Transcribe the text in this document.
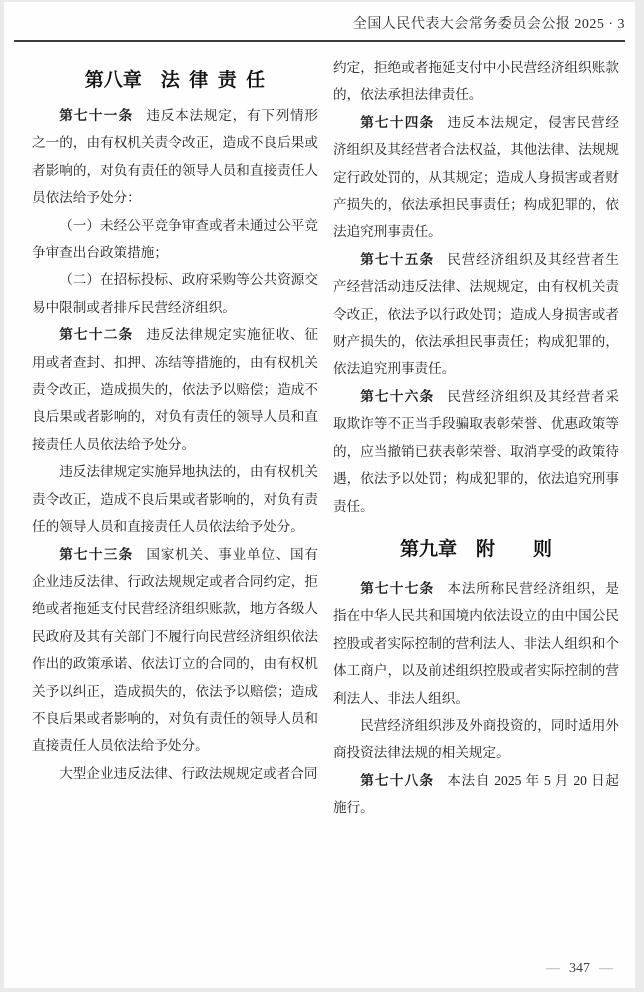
全国人民代表大会常务委员会公报 2025 · 3
第八章　法 律 责 任

第七十一条 违反本法规定，有下列情形之一的，由有权机关责令改正，造成不良后果或者影响的，对负有责任的领导人员和直接责任人员依法给予处分：

（一）未经公平竞争审查或者未通过公平竞争审查出台政策措施；

（二）在招标投标、政府采购等公共资源交易中限制或者排斥民营经济组织。

第七十二条 违反法律规定实施征收、征用或者查封、扣押、冻结等措施的，由有权机关责令改正，造成损失的，依法予以赔偿；造成不良后果或者影响的，对负有责任的领导人员和直接责任人员依法给予处分。

违反法律规定实施异地执法的，由有权机关责令改正，造成不良后果或者影响的，对负有责任的领导人员和直接责任人员依法给予处分。

第七十三条 国家机关、事业单位、国有企业违反法律、行政法规规定或者合同约定，拒绝或者拖延支付民营经济组织账款，地方各级人民政府及其有关部门不履行向民营经济组织依法作出的政策承诺、依法订立的合同的，由有权机关予以纠正，造成损失的，依法予以赔偿；造成不良后果或者影响的，对负有责任的领导人员和直接责任人员依法给予处分。

大型企业违反法律、行政法规规定或者合同

约定，拒绝或者拖延支付中小民营经济组织账款的，依法承担法律责任。

第七十四条 违反本法规定，侵害民营经济组织及其经营者合法权益，其他法律、法规规定行政处罚的，从其规定；造成人身损害或者财产损失的，依法承担民事责任；构成犯罪的，依法追究刑事责任。

第七十五条 民营经济组织及其经营者生产经营活动违反法律、法规规定，由有权机关责令改正，依法予以行政处罚；造成人身损害或者财产损失的，依法承担民事责任；构成犯罪的，依法追究刑事责任。

第七十六条 民营经济组织及其经营者采取欺诈等不正当手段骗取表彰荣誉、优惠政策等的，应当撤销已获表彰荣誉、取消享受的政策待遇，依法予以处罚；构成犯罪的，依法追究刑事责任。

第九章　附　　则

第七十七条 本法所称民营经济组织，是指在中华人民共和国境内依法设立的由中国公民控股或者实际控制的营利法人、非法人组织和个体工商户，以及前述组织控股或者实际控制的营利法人、非法人组织。

民营经济组织涉及外商投资的，同时适用外商投资法律法规的相关规定。

第七十八条 本法自 2025 年 5 月 20 日起施行。

— 347 —
